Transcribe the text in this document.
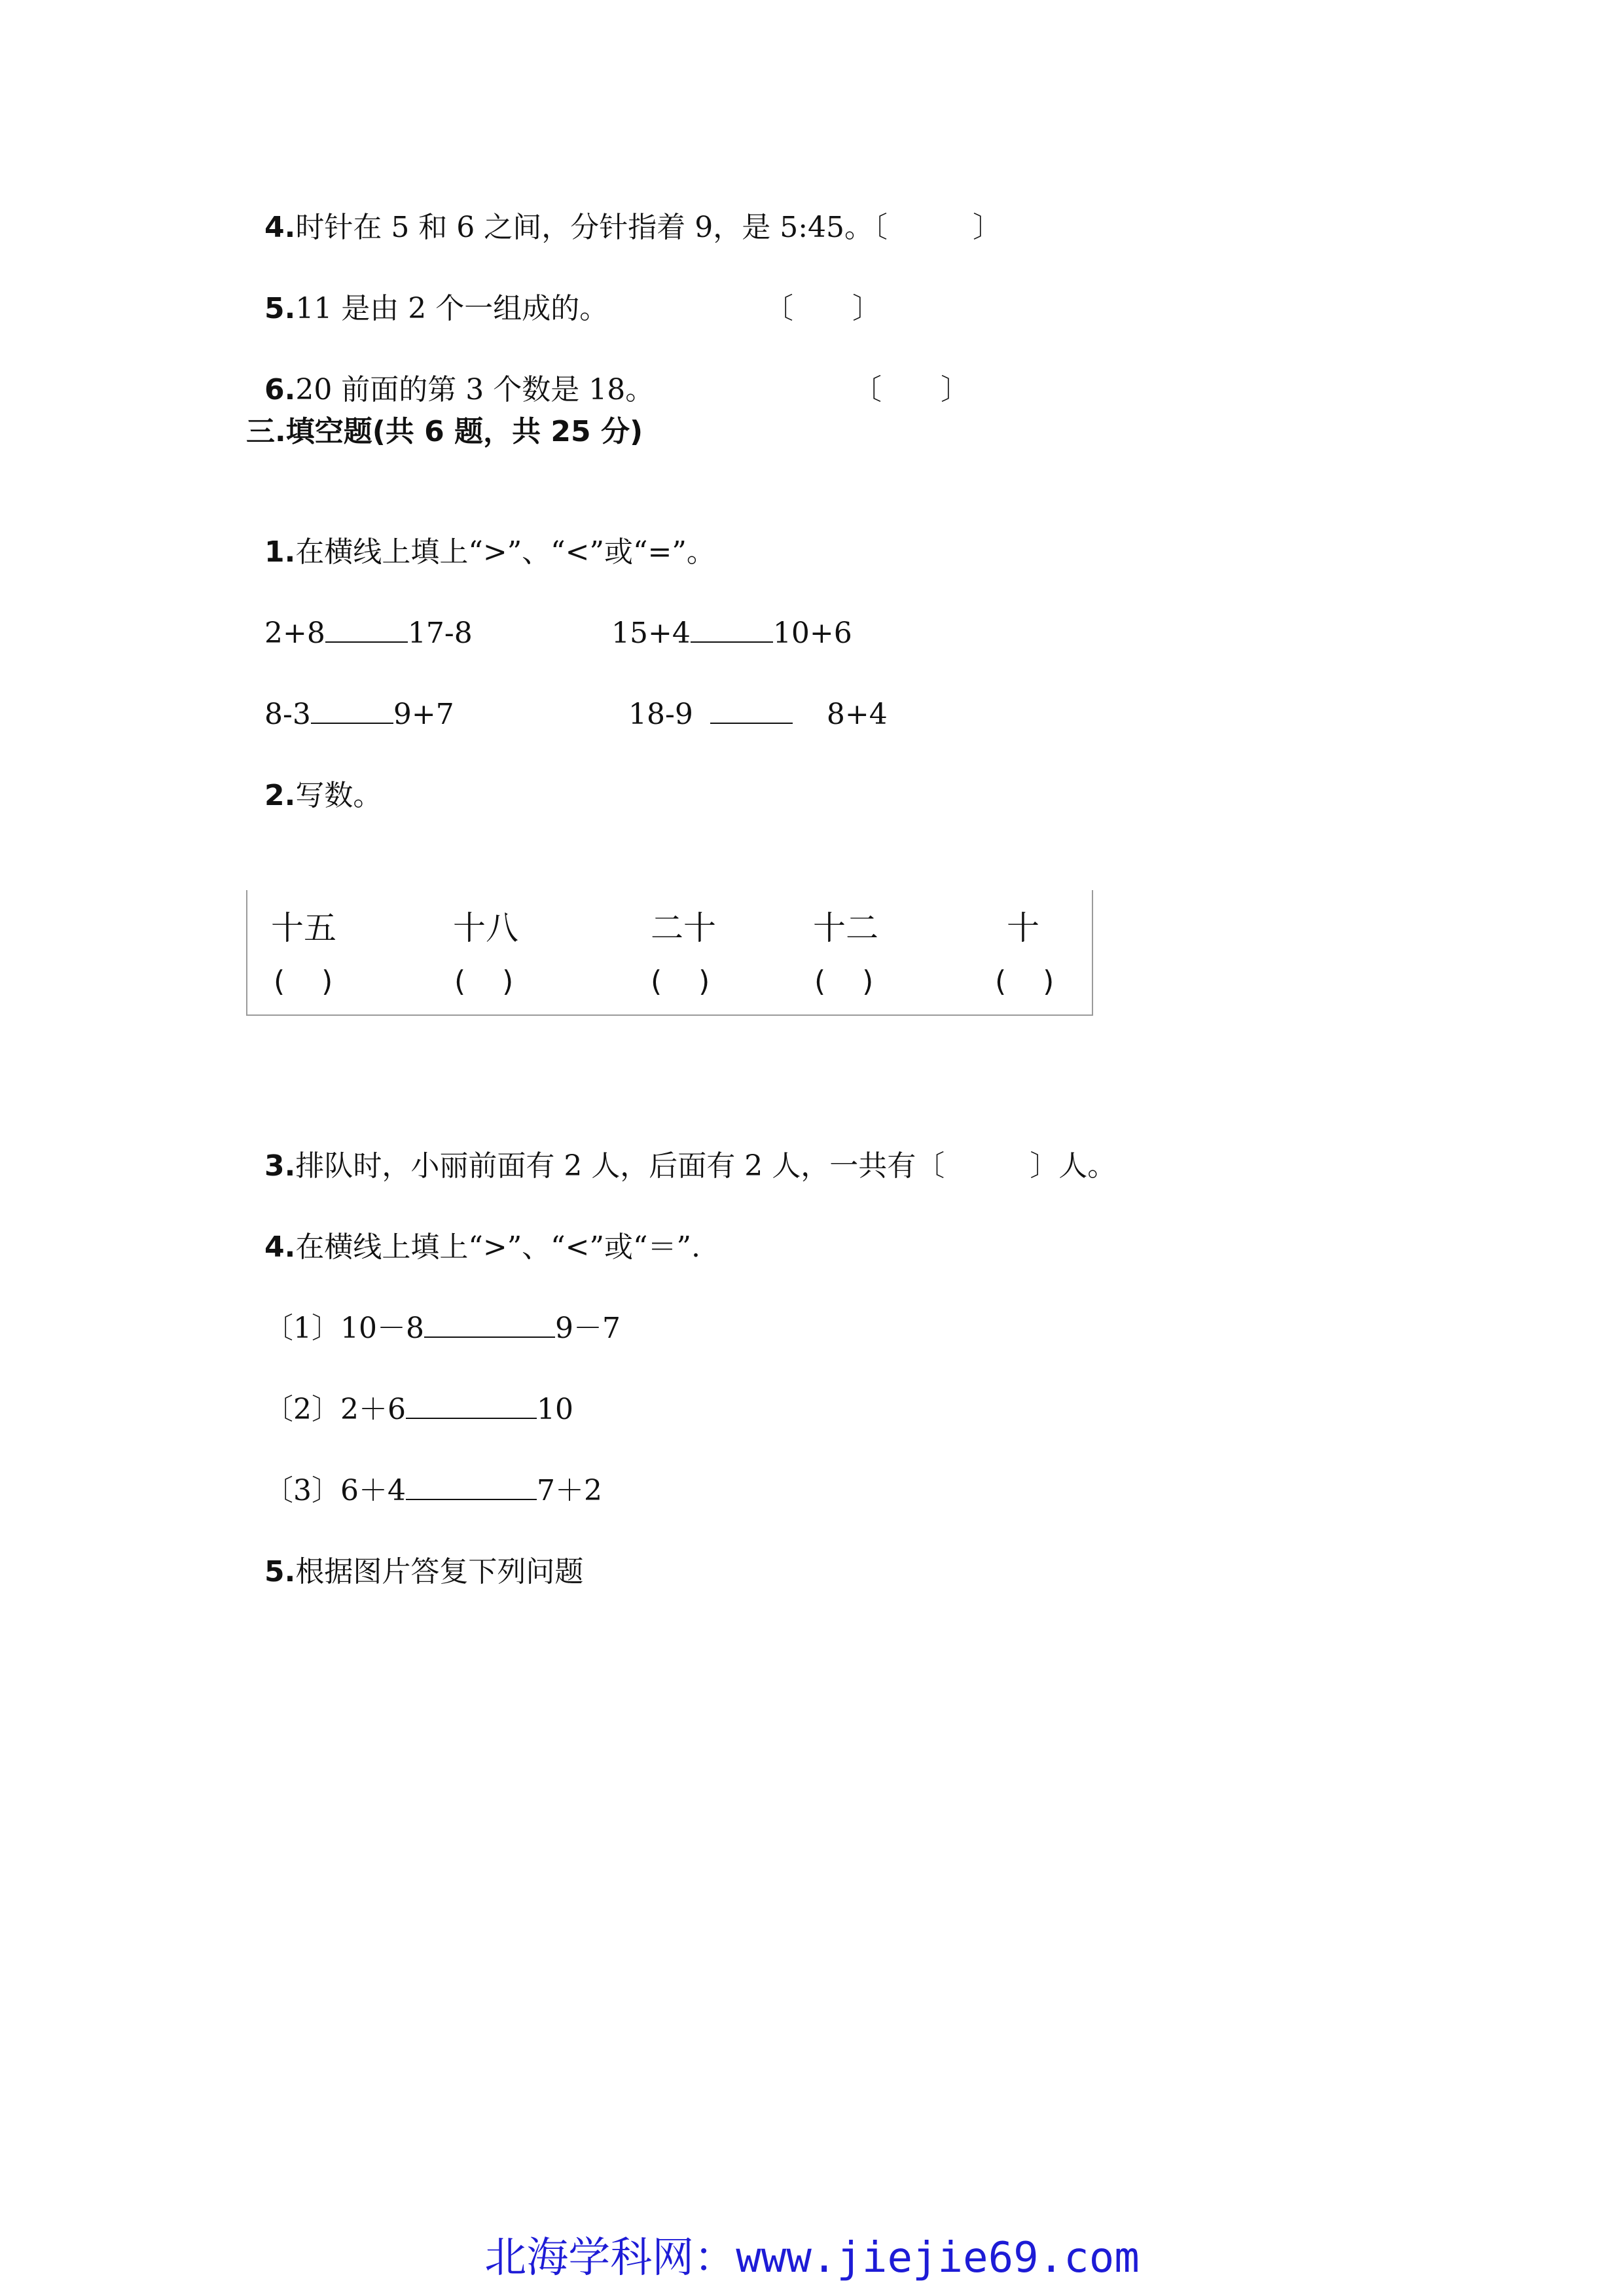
4.时针在 5 和 6 之间，分针指着 9，是 5:45。〔	〕

5.11 是由 2 个一组成的。	〔 〕

6.20 前面的第 3 个数是 18。	〔 〕

三.填空题(共 6 题，共 25 分)

1.在横线上填上“>”、“<”或“=”。

2+8	17-8	15+4	10+6

8-3	9+7	18-9	8+4

2.写数。

十五	十八	二十	十二	十
(    )	(    )	(    )	(    )	(    )

3.排队时，小丽前面有 2 人，后面有 2 人，一共有〔	〕人。

4.在横线上填上“>”、“<”或“＝”.

〔1〕10－8	9－7

〔2〕2＋6	10

〔3〕6＋4	7＋2

5.根据图片答复下列问题

北海学科网：www.jiejie69.com
